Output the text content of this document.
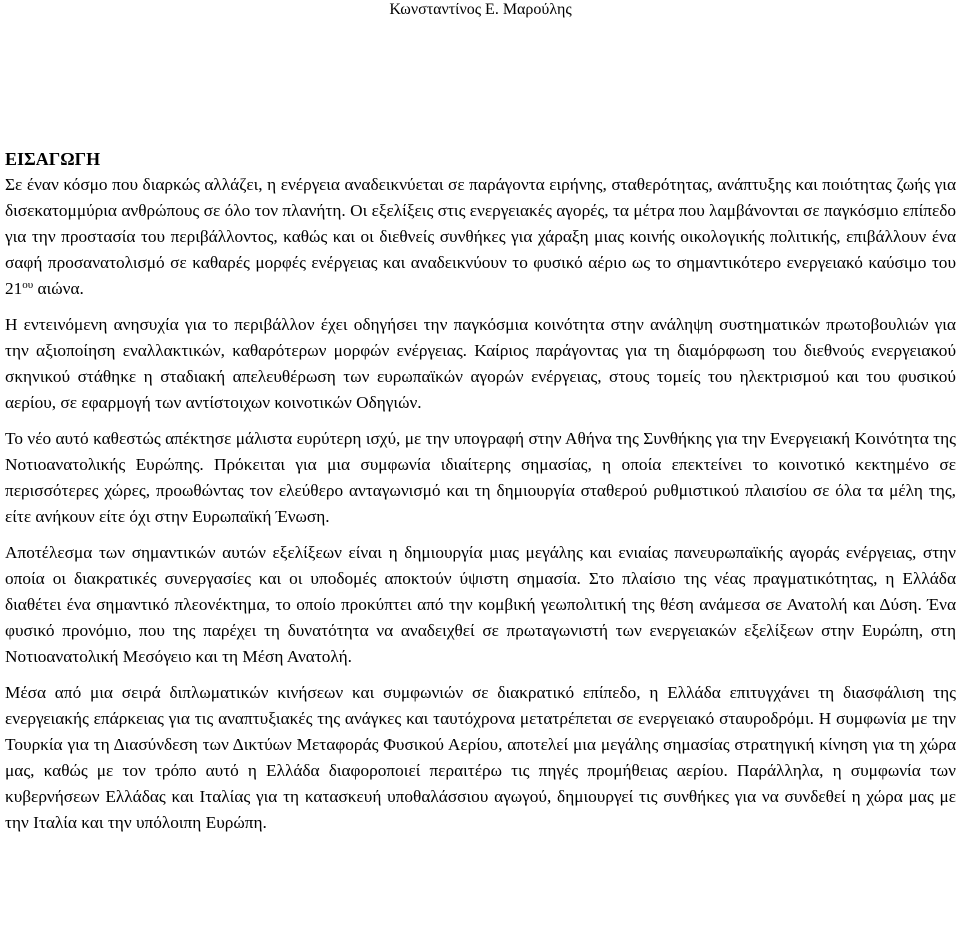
Κωνσταντίνος Ε. Μαρούλης
ΕΙΣΑΓΩΓΗ

Σε έναν κόσμο που διαρκώς αλλάζει, η ενέργεια αναδεικνύεται σε παράγοντα ειρήνης, σταθερότητας, ανάπτυξης και ποιότητας ζωής για δισεκατομμύρια ανθρώπους σε όλο τον πλανήτη. Οι εξελίξεις στις ενεργειακές αγορές, τα μέτρα που λαμβάνονται σε παγκόσμιο επίπεδο για την προστασία του περιβάλλοντος, καθώς και οι διεθνείς συνθήκες για χάραξη μιας κοινής οικολογικής πολιτικής, επιβάλλουν ένα σαφή προσανατολισμό σε καθαρές μορφές ενέργειας και αναδεικνύουν το φυσικό αέριο ως το σημαντικότερο ενεργειακό καύσιμο του $21^{o\upsilon}$ αιώνα.

Η εντεινόμενη ανησυχία για το περιβάλλον έχει οδηγήσει την παγκόσμια κοινότητα στην ανάληψη συστηματικών πρωτοβουλιών για την αξιοποίηση εναλλακτικών, καθαρότερων μορφών ενέργειας. Καίριος παράγοντας για τη διαμόρφωση του διεθνούς ενεργειακού σκηνικού στάθηκε η σταδιακή απελευθέρωση των ευρωπαϊκών αγορών ενέργειας, στους τομείς του ηλεκτρισμού και του φυσικού αερίου, σε εφαρμογή των αντίστοιχων κοινοτικών Οδηγιών.

Το νέο αυτό καθεστώς απέκτησε μάλιστα ευρύτερη ισχύ, με την υπογραφή στην Αθήνα της Συνθήκης για την Ενεργειακή Κοινότητα της Νοτιοανατολικής Ευρώπης. Πρόκειται για μια συμφωνία ιδιαίτερης σημασίας, η οποία επεκτείνει το κοινοτικό κεκτημένο σε περισσότερες χώρες, προωθώντας τον ελεύθερο ανταγωνισμό και τη δημιουργία σταθερού ρυθμιστικού πλαισίου σε όλα τα μέλη της, είτε ανήκουν είτε όχι στην Ευρωπαϊκή Ένωση.

Αποτέλεσμα των σημαντικών αυτών εξελίξεων είναι η δημιουργία μιας μεγάλης και ενιαίας πανευρωπαϊκής αγοράς ενέργειας, στην οποία οι διακρατικές συνεργασίες και οι υποδομές αποκτούν ύψιστη σημασία. Στο πλαίσιο της νέας πραγματικότητας, η Ελλάδα διαθέτει ένα σημαντικό πλεονέκτημα, το οποίο προκύπτει από την κομβική γεωπολιτική της θέση ανάμεσα σε Ανατολή και Δύση. Ένα φυσικό προνόμιο, που της παρέχει τη δυνατότητα να αναδειχθεί σε πρωταγωνιστή των ενεργειακών εξελίξεων στην Ευρώπη, στη Νοτιοανατολική Μεσόγειο και τη Μέση Ανατολή.

Μέσα από μια σειρά διπλωματικών κινήσεων και συμφωνιών σε διακρατικό επίπεδο, η Ελλάδα επιτυγχάνει τη διασφάλιση της ενεργειακής επάρκειας για τις αναπτυξιακές της ανάγκες και ταυτόχρονα μετατρέπεται σε ενεργειακό σταυροδρόμι. Η συμφωνία με την Τουρκία για τη Διασύνδεση των Δικτύων Μεταφοράς Φυσικού Αερίου, αποτελεί μια μεγάλης σημασίας στρατηγική κίνηση για τη χώρα μας, καθώς με τον τρόπο αυτό η Ελλάδα διαφοροποιεί περαιτέρω τις πηγές προμήθειας αερίου. Παράλληλα, η συμφωνία των κυβερνήσεων Ελλάδας και Ιταλίας για τη κατασκευή υποθαλάσσιου αγωγού, δημιουργεί τις συνθήκες για να συνδεθεί η χώρα μας με την Ιταλία και την υπόλοιπη Ευρώπη.
